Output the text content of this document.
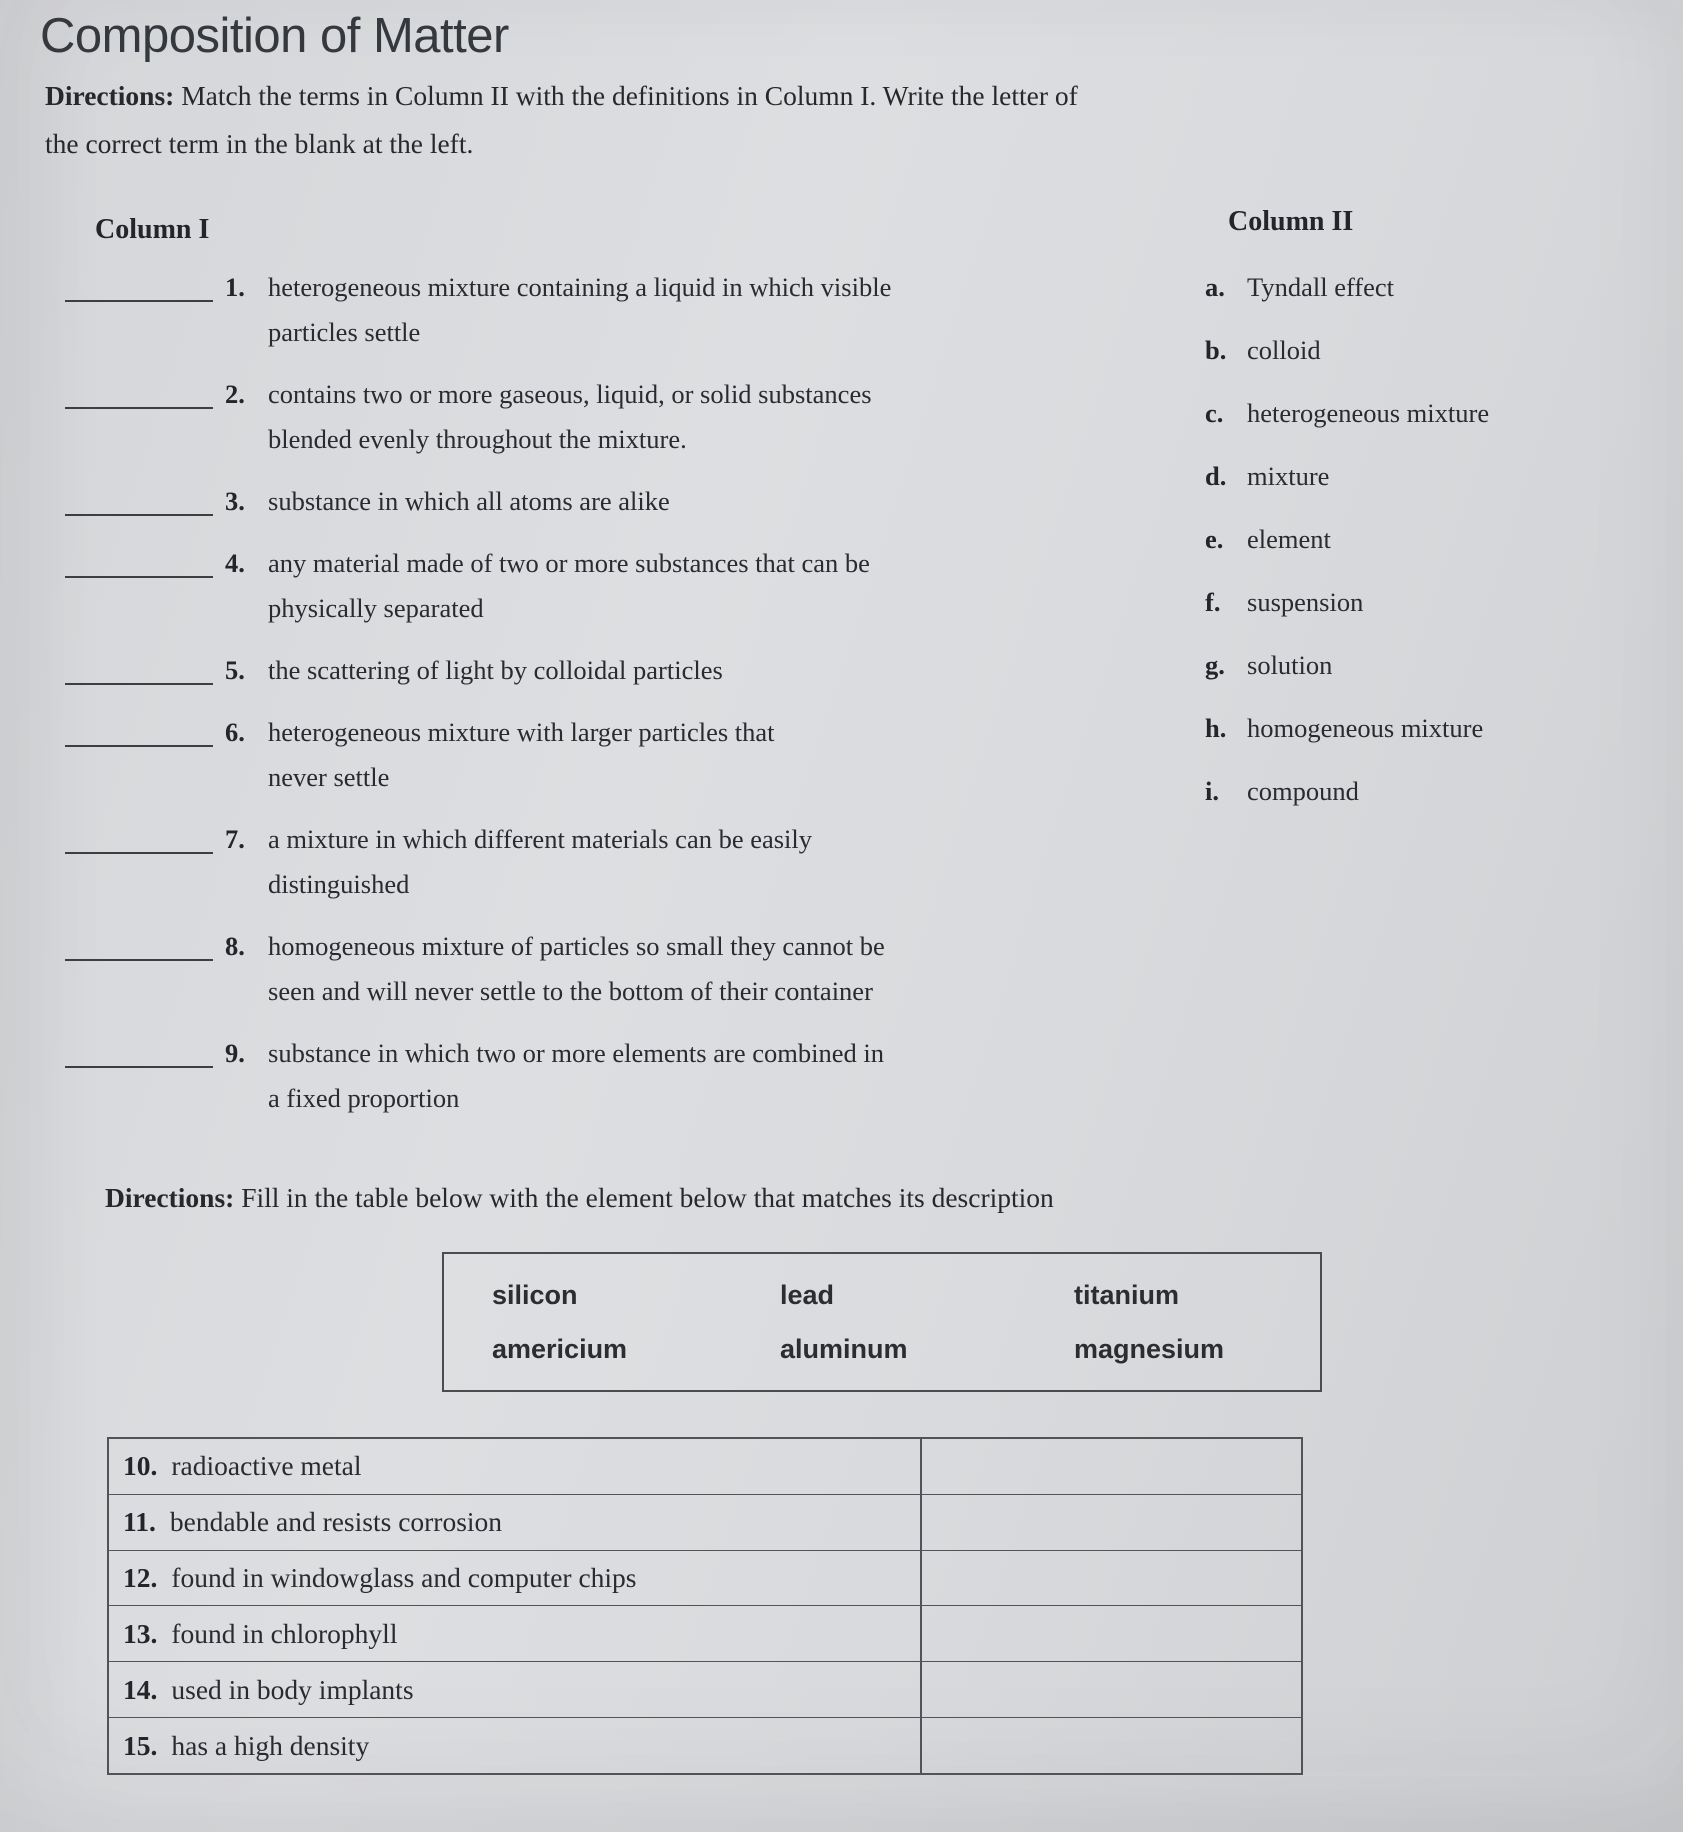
Composition of Matter
Directions: Match the terms in Column II with the definitions in Column I. Write the letter of
the correct term in the blank at the left.
Column I	Column II
1. heterogeneous mixture containing a liquid in which visible
particles settle
2. contains two or more gaseous, liquid, or solid substances
blended evenly throughout the mixture.
3. substance in which all atoms are alike
4. any material made of two or more substances that can be
physically separated
5. the scattering of light by colloidal particles
6. heterogeneous mixture with larger particles that
never settle
7. a mixture in which different materials can be easily
distinguished
8. homogeneous mixture of particles so small they cannot be
seen and will never settle to the bottom of their container
9. substance in which two or more elements are combined in
a fixed proportion
a. Tyndall effect
b. colloid
c. heterogeneous mixture
d. mixture
e. element
f. suspension
g. solution
h. homogeneous mixture
i. compound
Directions: Fill in the table below with the element below that matches its description
silicon	lead	titanium
americium	aluminum	magnesium
10. radioactive metal
11. bendable and resists corrosion
12. found in windowglass and computer chips
13. found in chlorophyll
14. used in body implants
15. has a high density
